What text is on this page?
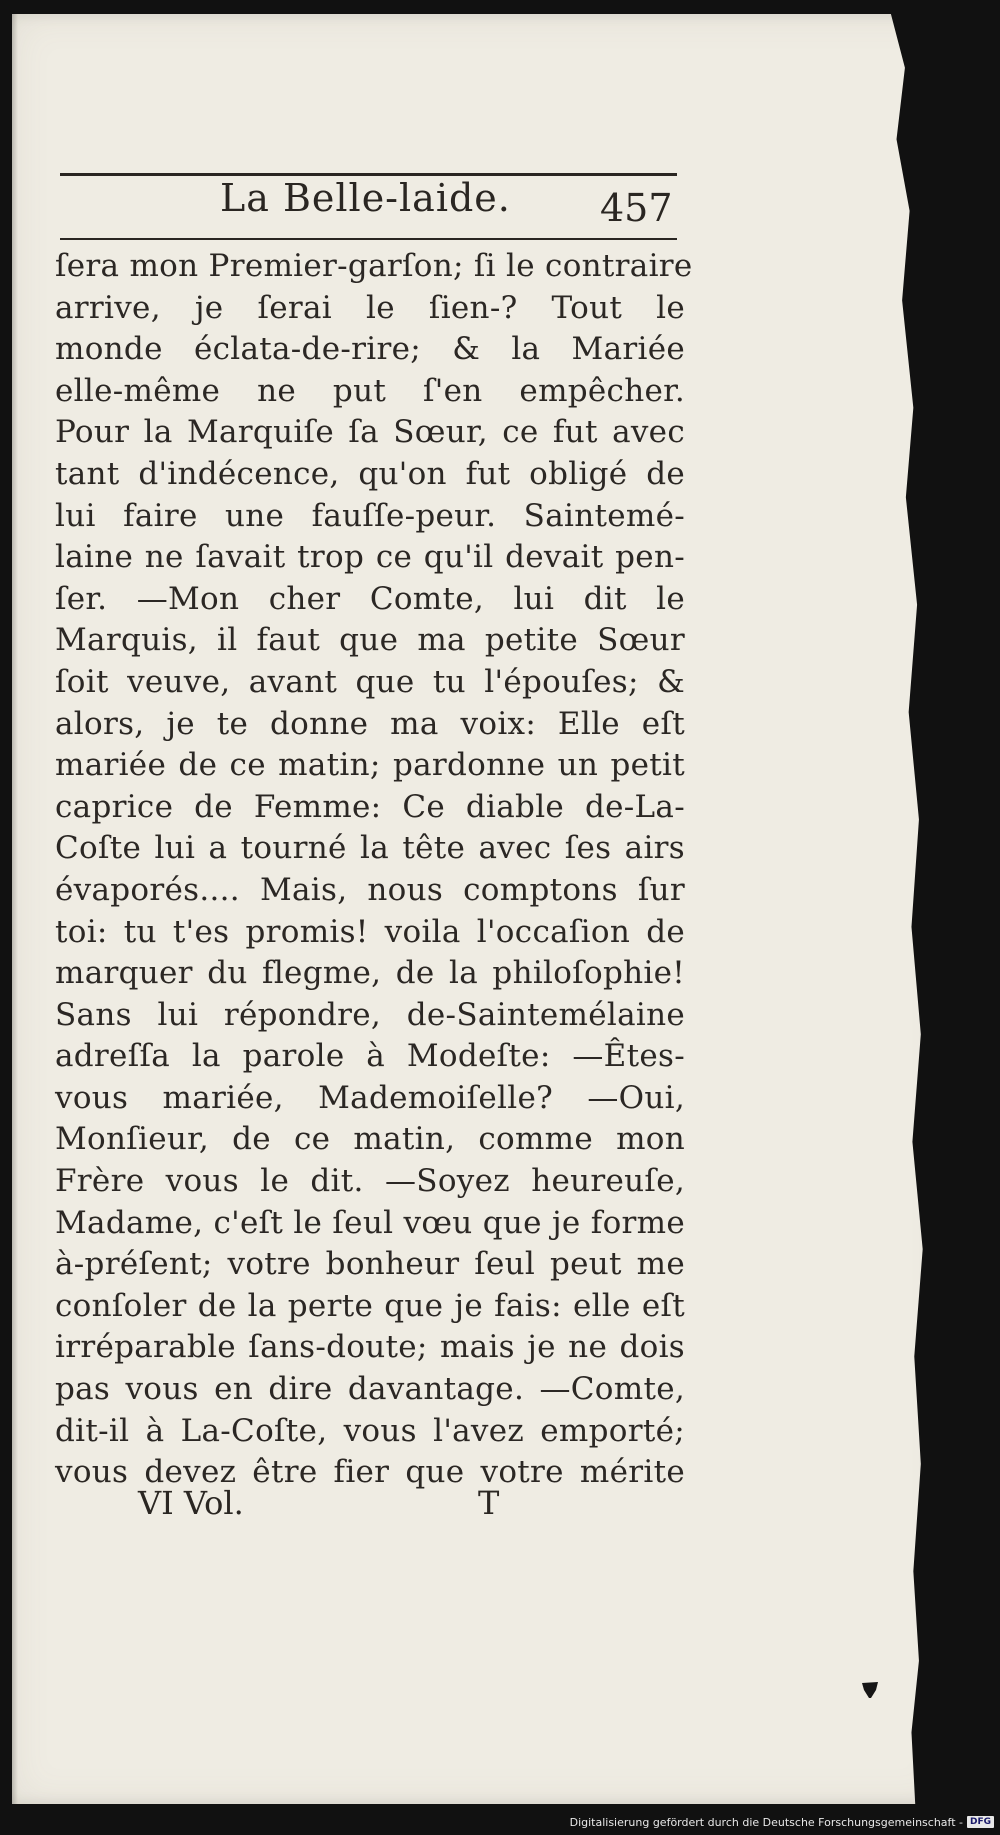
La Belle-laide. 457
ſera mon Premier-garſon; ſi le contraire
arrive, je ſerai le ſien-? Tout le
monde éclata-de-rire; & la Mariée
elle-même ne put ſ'en empêcher.
Pour la Marquiſe ſa Sœur, ce fut avec
tant d'indécence, qu'on fut obligé de
lui faire une fauſſe-peur. Saintemé-
laine ne ſavait trop ce qu'il devait pen-
ſer. —Mon cher Comte, lui dit le
Marquis, il faut que ma petite Sœur
ſoit veuve, avant que tu l'épouſes; &
alors, je te donne ma voix: Elle eſt
mariée de ce matin; pardonne un petit
caprice de Femme: Ce diable de-La-
Coſte lui a tourné la tête avec ſes airs
évaporés.... Mais, nous comptons ſur
toi: tu t'es promis! voila l'occaſion de
marquer du flegme, de la philoſophie!
Sans lui répondre, de-Saintemélaine
adreſſa la parole à Modeſte: —Êtes-
vous mariée, Mademoiſelle? —Oui,
Monſieur, de ce matin, comme mon
Frère vous le dit. —Soyez heureuſe,
Madame, c'eſt le ſeul vœu que je forme
à-préſent; votre bonheur ſeul peut me
conſoler de la perte que je fais: elle eſt
irréparable ſans-doute; mais je ne dois
pas vous en dire davantage. —Comte,
dit-il à La-Coſte, vous l'avez emporté;
vous devez être fier que votre mérite
VI Vol.	T
Digitalisierung gefördert durch die Deutsche Forschungsgemeinschaft - DFG
